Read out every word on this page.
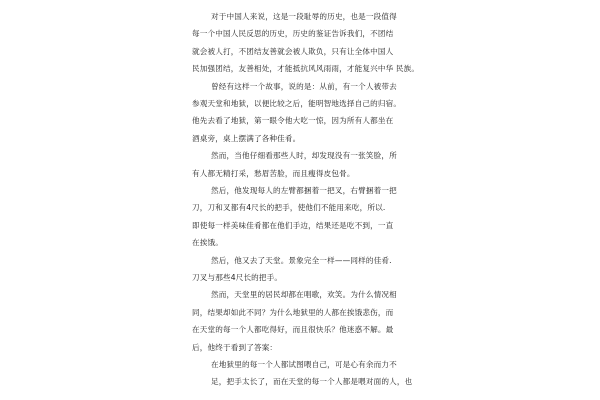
对于中国人来说，这是一段耻辱的历史，也是一段值得

每一个中国人民反思的历史，历史的鉴证告诉我们，不团结

就会被人打，不团结友善就会被人欺负，只有让全体中国人

民加强团结，友善相处，才能抵抗风风雨雨，才能复兴中华 民族。

曾经有这样一个故事，说的是：从前，有一个人被带去

参观天堂和地狱，以便比较之后，能明智地选择自己的归宿。

他先去看了地狱，第一眼令他大吃一惊，因为所有人都坐在

酒桌旁，桌上摆满了各种佳肴。

然而，当他仔细看那些人时，却发现没有一张笑脸，所

有人都无精打采，愁眉苦脸，而且瘦得皮包骨。

然后，他发现每人的左臂都捆着一把叉，右臂捆着一把

刀，刀和叉都有4尺长的把手，使他们不能用来吃，所以.

即使每一样美味佳肴都在他们手边，结果还是吃不到，一直

在挨饿。

然后，他又去了天堂。景象完全一样——同样的佳肴.

刀叉与那些4尺长的把手。

然而，天堂里的居民却都在唱歌，欢笑。为什么情况相

同，结果却如此不同？为什么地狱里的人都在挨饿悲伤，而

在天堂的每一个人都吃得好，而且很快乐？他迷惑不解。最

后，他终于看到了答案：

在地狱里的每一个人都试图喂自己，可是心有余而力不

足，把手太长了，而在天堂的每一个人都是喂对面的人，也
